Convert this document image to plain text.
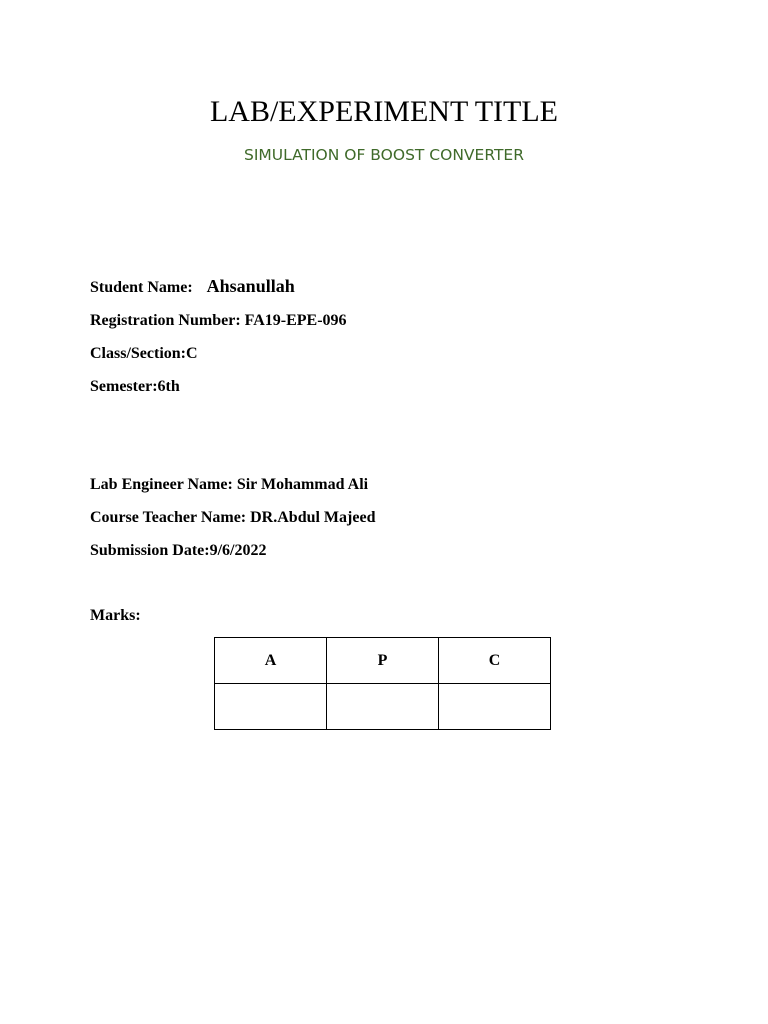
LAB/EXPERIMENT TITLE
SIMULATION OF BOOST CONVERTER
Student Name: Ahsanullah
Registration Number: FA19-EPE-096
Class/Section:C
Semester:6th
Lab Engineer Name: Sir Mohammad Ali
Course Teacher Name: DR.Abdul Majeed
Submission Date:9/6/2022
Marks:
A	P	C
